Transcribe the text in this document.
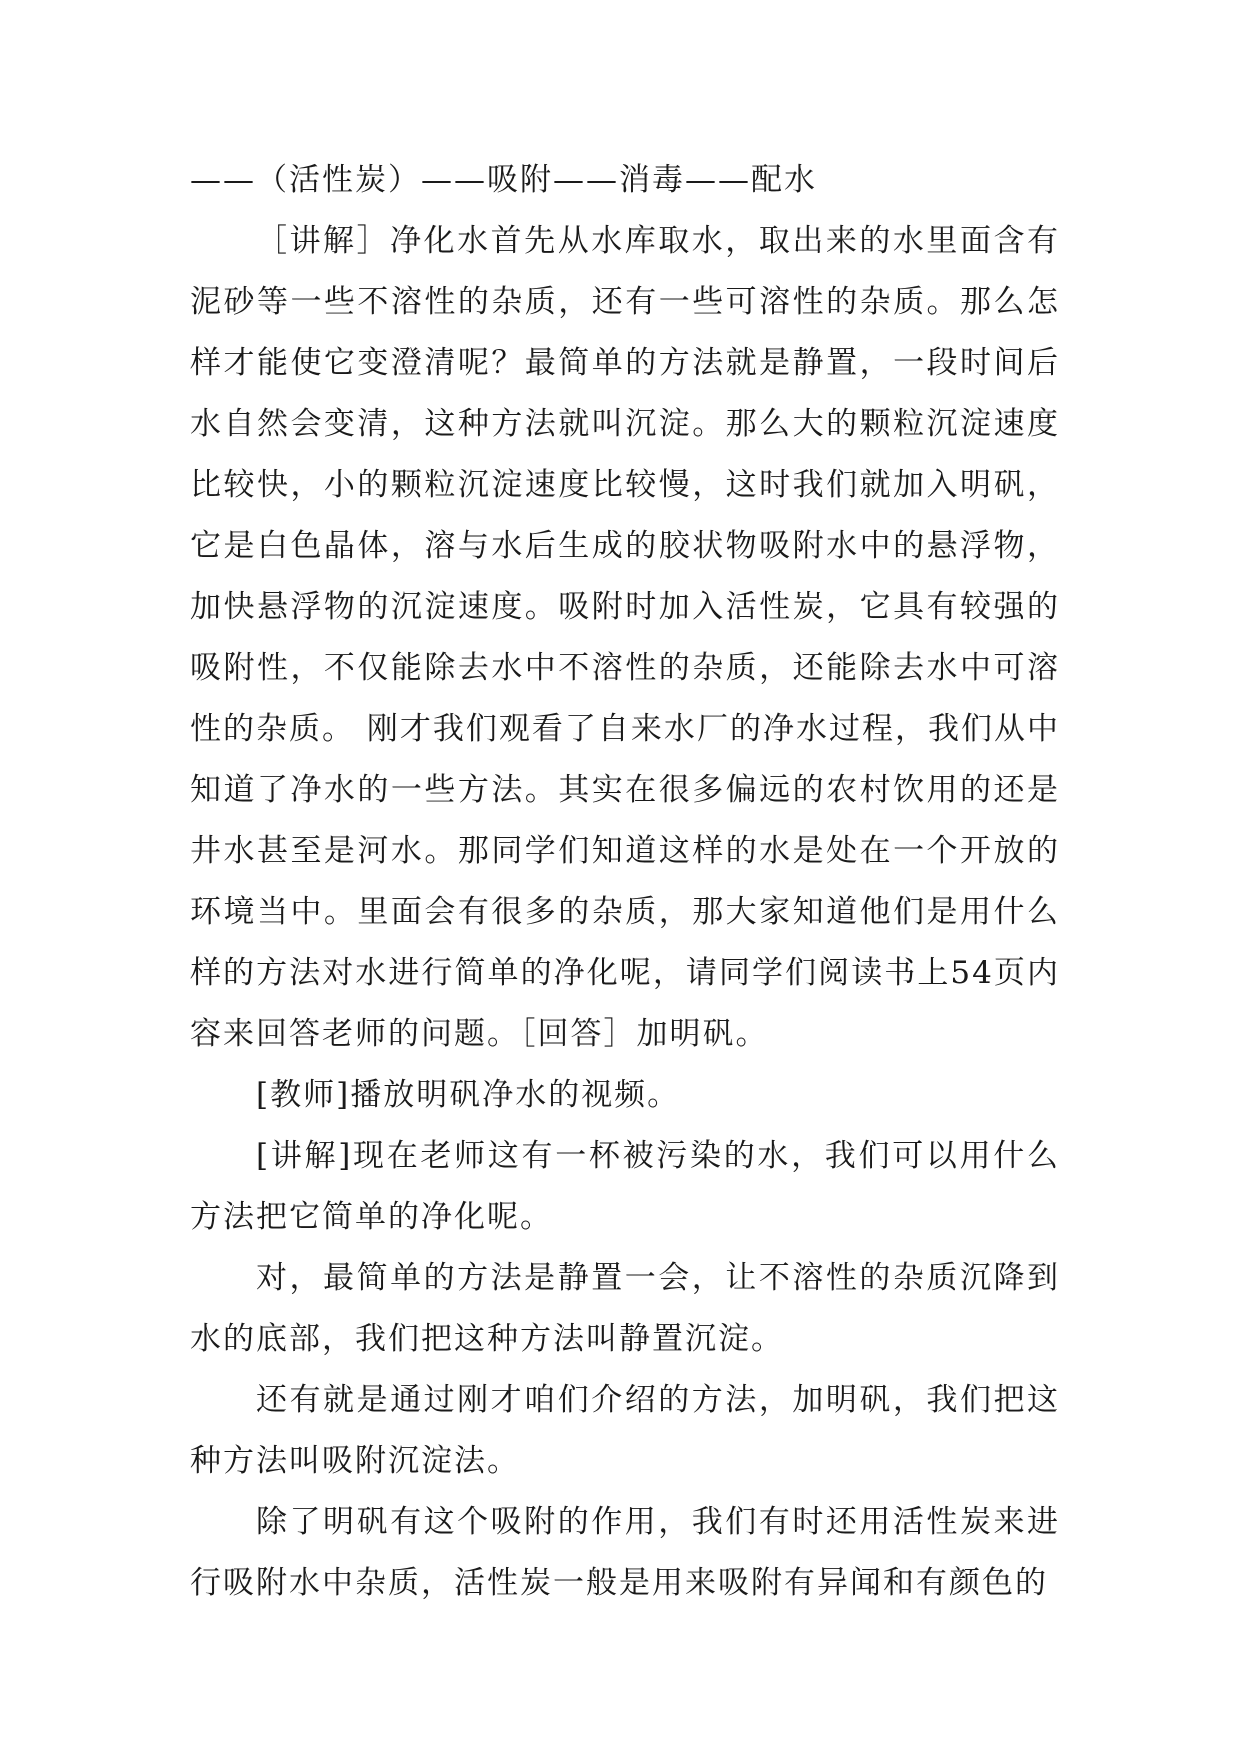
——（活性炭）——吸附——消毒——配水

［讲解］净化水首先从水库取水，取出来的水里面含有泥砂等一些不溶性的杂质，还有一些可溶性的杂质。那么怎样才能使它变澄清呢？最简单的方法就是静置，一段时间后水自然会变清，这种方法就叫沉淀。那么大的颗粒沉淀速度比较快，小的颗粒沉淀速度比较慢，这时我们就加入明矾，它是白色晶体，溶与水后生成的胶状物吸附水中的悬浮物，加快悬浮物的沉淀速度。吸附时加入活性炭，它具有较强的吸附性，不仅能除去水中不溶性的杂质，还能除去水中可溶性的杂质。 刚才我们观看了自来水厂的净水过程，我们从中知道了净水的一些方法。其实在很多偏远的农村饮用的还是井水甚至是河水。那同学们知道这样的水是处在一个开放的环境当中。里面会有很多的杂质，那大家知道他们是用什么样的方法对水进行简单的净化呢，请同学们阅读书上54页内容来回答老师的问题。［回答］加明矾。

[教师]播放明矾净水的视频。

[讲解]现在老师这有一杯被污染的水，我们可以用什么方法把它简单的净化呢。

对，最简单的方法是静置一会，让不溶性的杂质沉降到水的底部，我们把这种方法叫静置沉淀。

还有就是通过刚才咱们介绍的方法，加明矾，我们把这种方法叫吸附沉淀法。

除了明矾有这个吸附的作用，我们有时还用活性炭来进行吸附水中杂质，活性炭一般是用来吸附有异闻和有颜色的
